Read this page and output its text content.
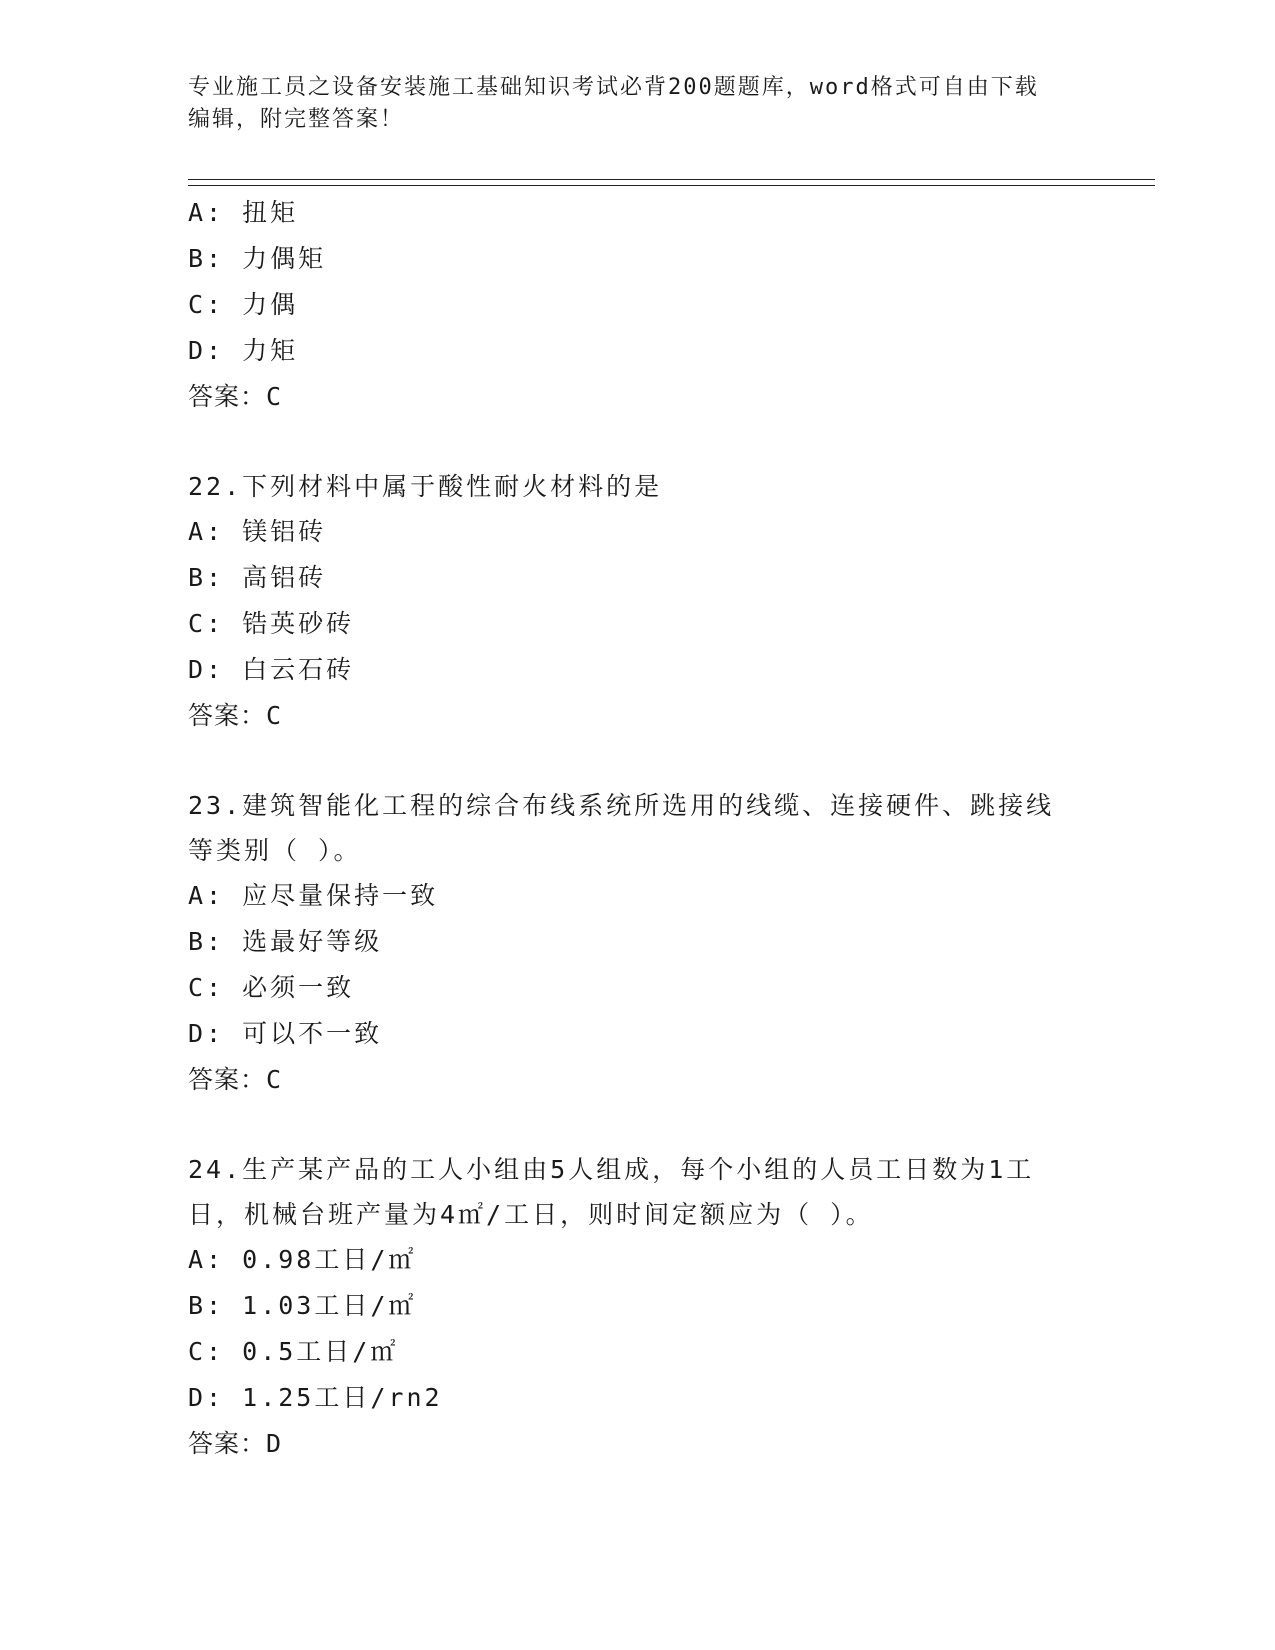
专业施工员之设备安装施工基础知识考试必背200题题库，word格式可自由下载
编辑，附完整答案！
A: 扭矩
B: 力偶矩
C: 力偶
D: 力矩
答案：C
22.下列材料中属于酸性耐火材料的是
A: 镁铝砖
B: 高铝砖
C: 锆英砂砖
D: 白云石砖
答案：C
23.建筑智能化工程的综合布线系统所选用的线缆、连接硬件、跳接线
等类别（ ）。
A: 应尽量保持一致
B: 选最好等级
C: 必须一致
D: 可以不一致
答案：C
24.生产某产品的工人小组由5人组成，每个小组的人员工日数为1工
日，机械台班产量为4㎡/工日，则时间定额应为（ ）。
A: 0.98工日/㎡
B: 1.03工日/㎡
C: 0.5工日/㎡
D: 1.25工日/rn2
答案：D
